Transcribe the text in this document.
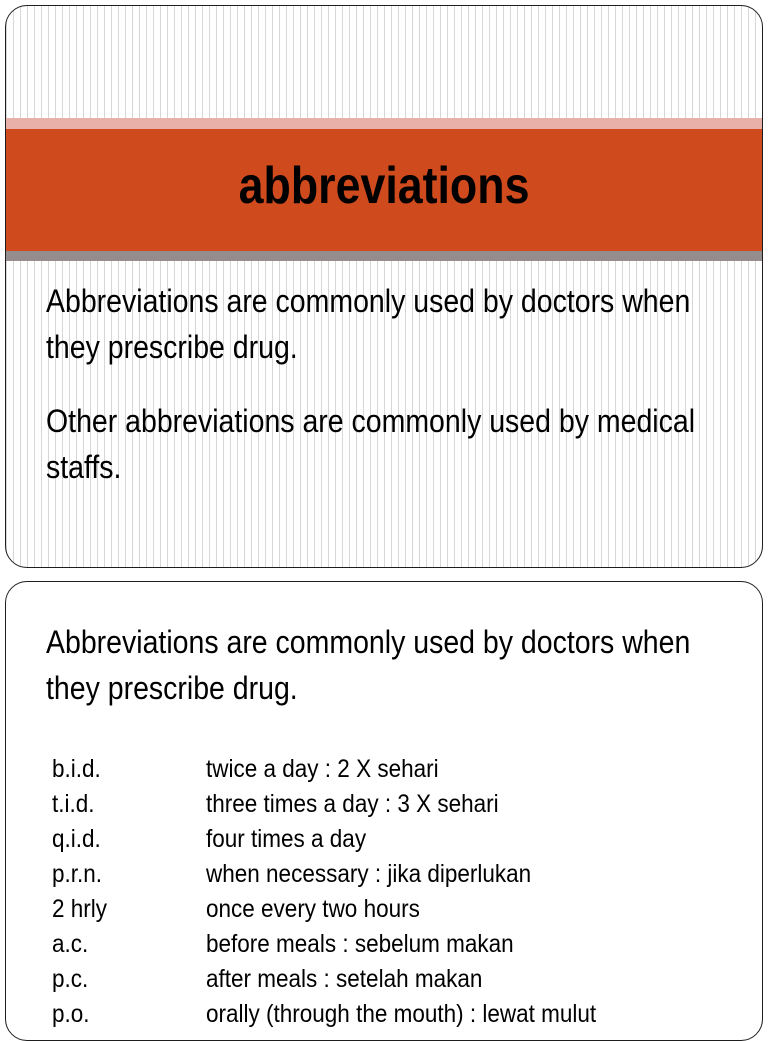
abbreviations

Abbreviations are commonly used by doctors when they prescribe drug.

Other abbreviations are commonly used by medical staffs.

Abbreviations are commonly used by doctors when they prescribe drug.

b.i.d.	twice a day : 2 X sehari
t.i.d.	three times a day : 3 X sehari
q.i.d.	four times a day
p.r.n.	when necessary : jika diperlukan
2 hrly	once every two hours
a.c.	before meals : sebelum makan
p.c.	after meals : setelah makan
p.o.	orally (through the mouth) : lewat mulut
